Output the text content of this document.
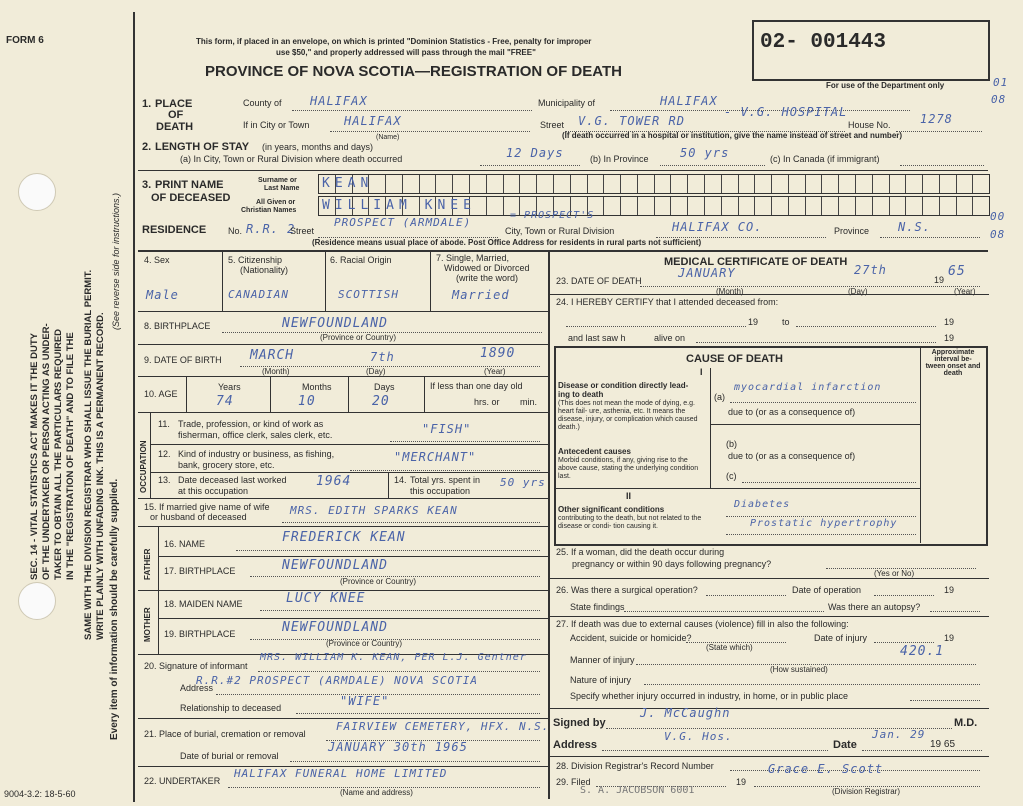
SEC. 14 - VITAL STATISTICS ACT MAKES IT THE DUTY OF THE UNDERTAKER OR PERSON ACTING AS UNDER- TAKER TO OBTAIN ALL THE PARTICULARS REQUIRED IN THE "REGISTRATION OF DEATH" AND TO FILE THE SAME WITH THE DIVISION REGISTRAR WHO SHALL ISSUE THE BURIAL PERMIT. WRITE PLAINLY WITH UNFADING INK. THIS IS A PERMANENT RECORD. Every item of information should be carefully supplied.
(See reverse side for instructions.)
FORM 6	This form, if placed in an envelope, on which is printed "Dominion Statistics - Free, penalty for improper
use $50," and properly addressed will pass through the mail "FREE"
PROVINCE OF NOVA SCOTIA—REGISTRATION OF DEATH
02- 001443
For use of the Department only
1. PLACE
OF
DEATH
County of HALIFAX	Municipality of	HALIFAX
If in City or Town	HALIFAX
(Name)
Street V.G. TOWER RD
- V.G. HOSPITAL
House No. 1278
(If death occurred in a hospital or institution, give the name instead of street and number)
01
08
2. LENGTH OF STAY (in years, months and days)
(a) In City, Town or Rural Division where death occurred	12 Days	(b) In Province	50 yrs	(c) In Canada (if immigrant)
3. PRINT NAME
OF DECEASED
Surname or
Last Name
All Given or
Christian Names
KEAN
WILLIAM KNEE
RESIDENCE No. R.R. 2
Street
PROSPECT (ARMDALE)
= PROSPECT'S
City, Town or Rural Division	HALIFAX CO.	Province N.S.
(Residence means usual place of abode. Post Office Address for residents in rural parts not sufficient)
00
08
4. Sex
Male
5. Citizenship
(Nationality)
CANADIAN
6. Racial Origin
SCOTTISH
7. Single, Married,
Widowed or Divorced
(write the word)
Married
8. BIRTHPLACE	NEWFOUNDLAND
(Province or Country)
9. DATE OF BIRTH MARCH	7th	1890
(Month)	(Day)	(Year)
10. AGE
Years	Months	Days
74	10	20
If less than one day old
hrs. or min.
OCCUPATION
11. Trade, profession, or kind of work as
fisherman, office clerk, sales clerk, etc.	"FISH"
12. Kind of industry or business, as fishing,
bank, grocery store, etc.
"MERCHANT"
13. Date deceased last worked
at this occupation
1964	14. Total yrs. spent in
this occupation
50 yrs
15. If married give name of wife
or husband of deceased	MRS. EDITH SPARKS KEAN
FATHER
MOTHER
16. NAME	FREDERICK KEAN
17. BIRTHPLACE	NEWFOUNDLAND
(Province or Country)
18. MAIDEN NAME	LUCY KNEE
19. BIRTHPLACE	NEWFOUNDLAND
(Province or Country)
20. Signature of informant
MRS. WILLIAM K. KEAN, PER L.J. Gentner
Address
R.R.#2 PROSPECT (ARMDALE) NOVA SCOTIA
Relationship to deceased	"WIFE"
21. Place of burial, cremation or removal
FAIRVIEW CEMETERY, HFX. N.S.
Date of burial or removal
JANUARY 30th 1965
22. UNDERTAKER
HALIFAX FUNERAL HOME LIMITED
(Name and address)
MEDICAL CERTIFICATE OF DEATH
23. DATE OF DEATH
JANUARY	27th
19
65
(Month)	(Day)	(Year)
24. I HEREBY CERTIFY that I attended deceased from:
19	to	19
and last saw h	alive on	19
CAUSE OF DEATH
Approximate interval be- tween onset and death
I
Disease or condition directly lead-
ing to death
(This does not mean the mode of dying, e.g. heart fail- ure, asthenia, etc. It means the disease, injury, or complication which caused death.)
(a)
myocardial infarction
due to (or as a consequence of)
(b)
due to (or as a consequence of)
Antecedent causes
Morbid conditions, if any, giving rise to the above cause, stating the underlying condition last.	(c)
II
Other significant conditions
contributing to the death, but not related to the disease or condi- tion causing it.
Diabetes
Prostatic hypertrophy
25. If a woman, did the death occur during
pregnancy or within 90 days following pregnancy?
(Yes or No)
26. Was there a surgical operation?	Date of operation	19
State findings	Was there an autopsy?
27. If death was due to external causes (violence) fill in also the following:
Accident, suicide or homicide?	Date of injury	19
(State which)
Manner of injury
420.1
(How sustained)
Nature of injury
Specify whether injury occurred in industry, in home, or in public place
Signed by
J. McCaughn
M.D.
Address
V.G. Hos.
Date
Jan. 29
19 65
28. Division Registrar's Record Number
29. Filed	19
Grace E. Scott
(Division Registrar)
S. A. JACOBSON 6001
9004-3.2: 18-5-60
